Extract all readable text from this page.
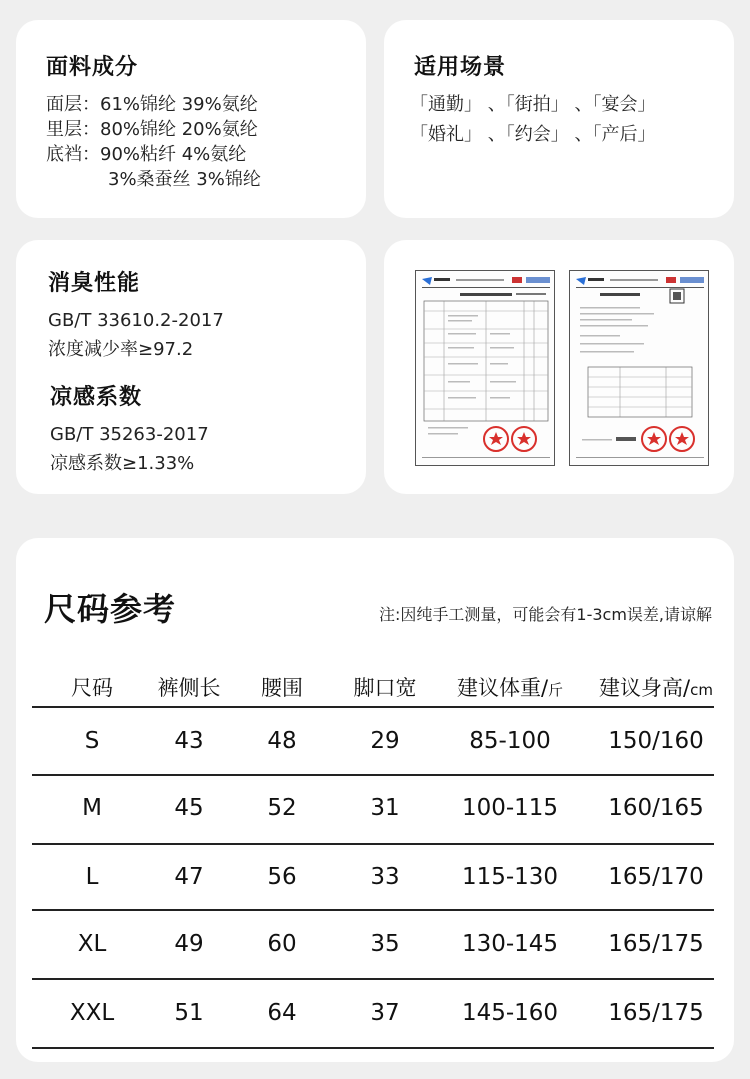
面料成分
面层：61%锦纶 39%氨纶
里层：80%锦纶 20%氨纶
底裆：90%粘纤 4%氨纶
3%桑蚕丝 3%锦纶
适用场景
「通勤」 、「街拍」 、「宴会」
「婚礼」 、「约会」 、「产后」
消臭性能
GB/T 33610.2-2017
浓度减少率≥97.2
凉感系数
GB/T 35263-2017
凉感系数≥1.33%
尺码参考	注:因纯手工测量，可能会有1-3cm误差,请谅解
尺码	裤侧长	腰围	脚口宽	建议体重/斤	建议身高/cm
S	43	48	29	85-100	150/160
M	45	52	31	100-115	160/165
L	47	56	33	115-130	165/170
XL	49	60	35	130-145	165/175
XXL	51	64	37	145-160	165/175
